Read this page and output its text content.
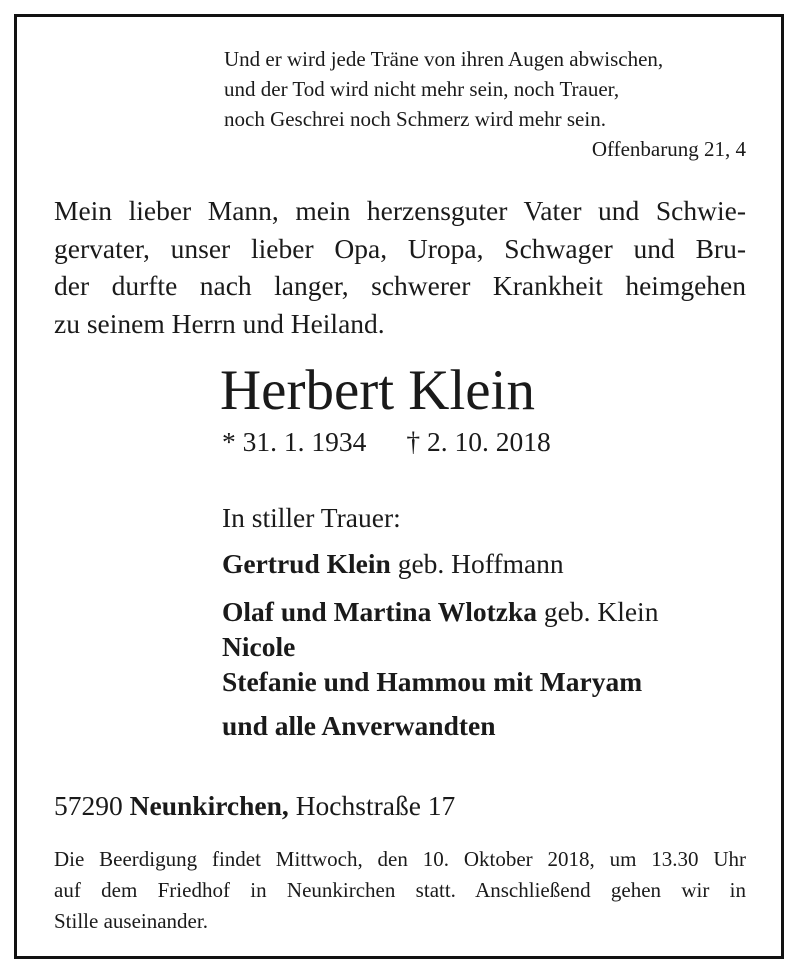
Und er wird jede Träne von ihren Augen abwischen,
und der Tod wird nicht mehr sein, noch Trauer,
noch Geschrei noch Schmerz wird mehr sein.
Offenbarung 21, 4
Mein lieber Mann, mein herzensguter Vater und Schwie-
gervater, unser lieber Opa, Uropa, Schwager und Bru-
der durfte nach langer, schwerer Krankheit heimgehen
zu seinem Herrn und Heiland.
Herbert Klein
* 31. 1. 1934 † 2. 10. 2018
In stiller Trauer:
Gertrud Klein geb. Hoffmann
Olaf und Martina Wlotzka geb. Klein
Nicole
Stefanie und Hammou mit Maryam
und alle Anverwandten
57290 Neunkirchen, Hochstraße 17
Die Beerdigung findet Mittwoch, den 10. Oktober 2018, um 13.30 Uhr
auf dem Friedhof in Neunkirchen statt. Anschließend gehen wir in
Stille auseinander.
